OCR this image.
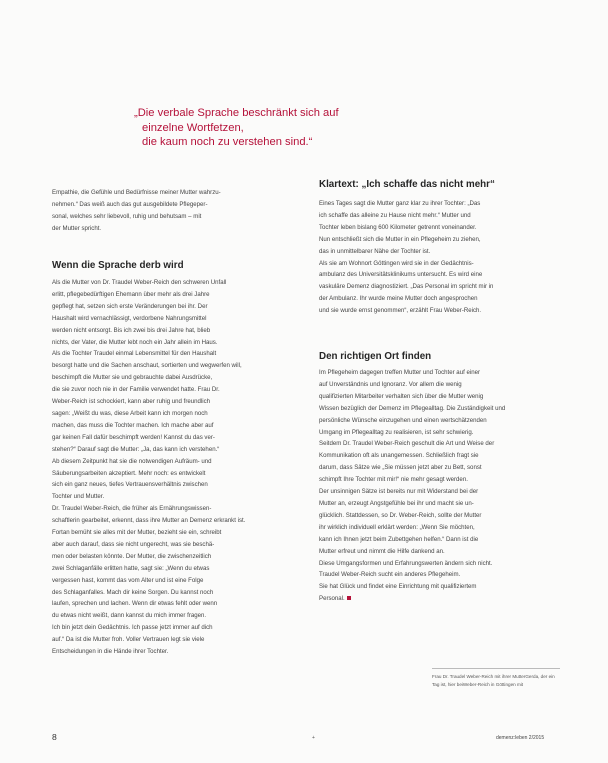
„Die verbale Sprache beschränkt sich auf
einzelne Wortfetzen,
die kaum noch zu verstehen sind.“
Empathie, die Gefühle und Bedürfnisse meiner Mutter wahrzu-
nehmen.“ Das weiß auch das gut ausgebildete Pflegeper-
sonal, welches sehr liebevoll, ruhig und behutsam – mit
der Mutter spricht.
Wenn die Sprache derb wird
Als die Mutter von Dr. Traudel Weber-Reich den schweren Unfall
erlitt, pflegebedürftigen Ehemann über mehr als drei Jahre
gepflegt hat, setzen sich erste Veränderungen bei ihr. Der
Haushalt wird vernachlässigt, verdorbene Nahrungsmittel
werden nicht entsorgt. Bis ich zwei bis drei Jahre hat, blieb
nichts, der Vater, die Mutter lebt noch ein Jahr allein im Haus.
Als die Tochter Traudel einmal Lebensmittel für den Haushalt
besorgt hatte und die Sachen anschaut, sortierten und wegwerfen will,
beschimpft die Mutter sie und gebrauchte dabei Ausdrücke,
die sie zuvor noch nie in der Familie verwendet hatte. Frau Dr.
Weber-Reich ist schockiert, kann aber ruhig und freundlich
sagen: „Weißt du was, diese Arbeit kann ich morgen noch
machen, das muss die Tochter machen. Ich mache aber auf
gar keinen Fall dafür beschimpft werden! Kannst du das ver-
stehen?“ Darauf sagt die Mutter: „Ja, das kann ich verstehen.“
Ab diesem Zeitpunkt hat sie die notwendigen Aufräum- und
Säuberungsarbeiten akzeptiert. Mehr noch: es entwickelt
sich ein ganz neues, tiefes Vertrauensverhältnis zwischen
Tochter und Mutter.
Dr. Traudel Weber-Reich, die früher als Ernährungswissen-
schaftlerin gearbeitet, erkennt, dass ihre Mutter an Demenz erkrankt ist.
Fortan bemüht sie alles mit der Mutter, bezieht sie ein, schreibt
aber auch darauf, dass sie nicht ungerecht, was sie beschä-
men oder belasten könnte. Der Mutter, die zwischenzeitlich
zwei Schlaganfälle erlitten hatte, sagt sie: „Wenn du etwas
vergessen hast, kommt das vom Alter und ist eine Folge
des Schlaganfalles. Mach dir keine Sorgen. Du kannst noch
laufen, sprechen und lachen. Wenn dir etwas fehlt oder wenn
du etwas nicht weißt, dann kannst du mich immer fragen.
Ich bin jetzt dein Gedächtnis. Ich passe jetzt immer auf dich
auf.“ Da ist die Mutter froh. Voller Vertrauen legt sie viele
Entscheidungen in die Hände ihrer Tochter.
Klartext: „Ich schaffe das nicht mehr“
Eines Tages sagt die Mutter ganz klar zu ihrer Tochter: „Das
ich schaffe das alleine zu Hause nicht mehr.“ Mutter und
Tochter leben bislang 600 Kilometer getrennt voneinander.
Nun entschließt sich die Mutter in ein Pflegeheim zu ziehen,
das in unmittelbarer Nähe der Tochter ist.
Als sie am Wohnort Göttingen wird sie in der Gedächtnis-
ambulanz des Universitätsklinikums untersucht. Es wird eine
vaskuläre Demenz diagnostiziert. „Das Personal im spricht mir in
der Ambulanz. Ihr wurde meine Mutter doch angesprochen
und sie wurde ernst genommen“, erzählt Frau Weber-Reich.
Den richtigen Ort finden
Im Pflegeheim dagegen treffen Mutter und Tochter auf einer
auf Unverständnis und Ignoranz. Vor allem die wenig
qualifizierten Mitarbeiter verhalten sich über die Mutter wenig
Wissen bezüglich der Demenz im Pflegealltag. Die Zuständigkeit und
persönliche Wünsche einzugehen und einen wertschätzenden
Umgang im Pflegealltag zu realisieren, ist sehr schwierig.
Seitdem Dr. Traudel Weber-Reich geschult die Art und Weise der
Kommunikation oft als unangemessen. Schließlich fragt sie
darum, dass Sätze wie „Sie müssen jetzt aber zu Bett, sonst
schimpft Ihre Tochter mit mir!“ nie mehr gesagt werden.
Der unsinnigen Sätze ist bereits nur mit Widerstand bei der
Mutter an, erzeugt Angstgefühle bei ihr und macht sie un-
glücklich. Stattdessen, so Dr. Weber-Reich, sollte der Mutter
ihr wirklich individuell erklärt werden: „Wenn Sie möchten,
kann ich Ihnen jetzt beim Zubettgehen helfen.“ Dann ist die
Mutter erfreut und nimmt die Hilfe dankend an.
Diese Umgangsformen und Erfahrungswerten ändern sich nicht.
Traudel Weber-Reich sucht ein anderes Pflegeheim.
Sie hat Glück und findet eine Einrichtung mit qualifiziertem
Personal.
Frau Dr. Traudel Weber-Reich mit ihrer MutterGerda, der ein Tag ist, hier beiWeber-Reich in Göttingen mit
8	+	demenz:leben 2/2015
